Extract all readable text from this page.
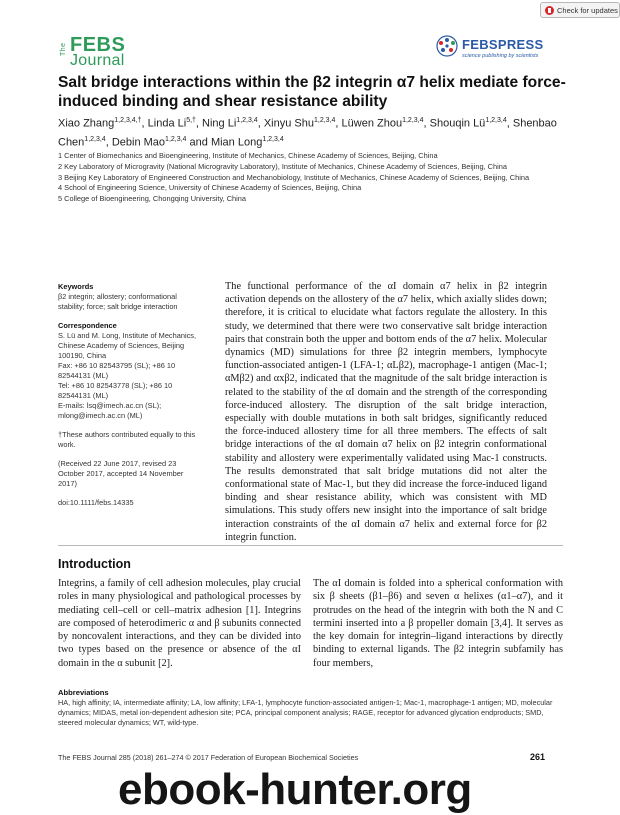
Check for updates
The FEBS
Journal
FEBSPRESS
science publishing by scientists
Salt bridge interactions within the β2 integrin α7 helix mediate force-induced binding and shear resistance ability
Xiao Zhang$^{1,2,3,4,\dagger}$, Linda $Li^{5,\dagger}$, Ning Li$^{1,2,3,4}$, Xinyu Shu$^{1,2,3,4}$, Lüwen Zhou$^{1,2,3,4}$, Shouqin Lü$^{1,2,3,4}$, Shenbao Chen$^{1,2,3,4}$, Debin Mao$^{1,2,3,4}$ and Mian Long$^{1,2,3,4}$
1 Center of Biomechanics and Bioengineering, Institute of Mechanics, Chinese Academy of Sciences, Beijing, China
2 Key Laboratory of Microgravity (National Microgravity Laboratory), Institute of Mechanics, Chinese Academy of Sciences, Beijing, China
3 Beijing Key Laboratory of Engineered Construction and Mechanobiology, Institute of Mechanics, Chinese Academy of Sciences, Beijing, China
4 School of Engineering Science, University of Chinese Academy of Sciences, Beijing, China
5 College of Bioengineering, Chongqing University, China

Keywords

β2 integrin; allostery; conformational stability; force; salt bridge interaction

Correspondence

S. Lü and M. Long, Institute of Mechanics, Chinese Academy of Sciences, Beijing 100190, China

Fax: +86 10 82543795 (SL); +86 10 82544131 (ML)

Tel: +86 10 82543778 (SL); +86 10 82544131 (ML)

E-mails: lsq@imech.ac.cn (SL); mlong@imech.ac.cn (ML)

†These authors contributed equally to this work.

(Received 22 June 2017, revised 23 October 2017, accepted 14 November 2017)

doi:10.1111/febs.14335

The functional performance of the αI domain α7 helix in β2 integrin activation depends on the allostery of the α7 helix, which axially slides down; therefore, it is critical to elucidate what factors regulate the allostery. In this study, we determined that there were two conservative salt bridge interaction pairs that constrain both the upper and bottom ends of the α7 helix. Molecular dynamics (MD) simulations for three β2 integrin members, lymphocyte function-associated antigen-1 (LFA-1; αLβ2), macrophage-1 antigen (Mac-1; αMβ2) and αxβ2, indicated that the magnitude of the salt bridge interaction is related to the stability of the αI domain and the strength of the corresponding force-induced allostery. The disruption of the salt bridge interaction, especially with double mutations in both salt bridges, significantly reduced the force-induced allostery time for all three members. The effects of salt bridge interactions of the αI domain α7 helix on β2 integrin conformational stability and allostery were experimentally validated using Mac-1 constructs. The results demonstrated that salt bridge mutations did not alter the conformational state of Mac-1, but they did increase the force-induced ligand binding and shear resistance ability, which was consistent with MD simulations. This study offers new insight into the importance of salt bridge interaction constraints of the αI domain α7 helix and external force for β2 integrin function.

Introduction

Integrins, a family of cell adhesion molecules, play crucial roles in many physiological and pathological processes by mediating cell–cell or cell–matrix adhesion [1]. Integrins are composed of heterodimeric α and β subunits connected by noncovalent interactions, and they can be divided into two types based on the presence or absence of the αI domain in the α subunit [2].

The αI domain is folded into a spherical conformation with six β sheets (β1–β6) and seven α helixes (α1–α7), and it protrudes on the head of the integrin with both the N and C termini inserted into a β propeller domain [3,4]. It serves as the key domain for integrin–ligand interactions by directly binding to external ligands. The β2 integrin subfamily has four members,

Abbreviations
HA, high affinity; IA, intermediate affinity; LA, low affinity; LFA-1, lymphocyte function-associated antigen-1; Mac-1, macrophage-1 antigen; MD, molecular dynamics; MIDAS, metal ion-dependent adhesion site; PCA, principal component analysis; RAGE, receptor for advanced glycation endproducts; SMD, steered molecular dynamics; WT, wild-type.
The FEBS Journal 285 (2018) 261–274 © 2017 Federation of European Biochemical Societies	261
ebook-hunter.org
